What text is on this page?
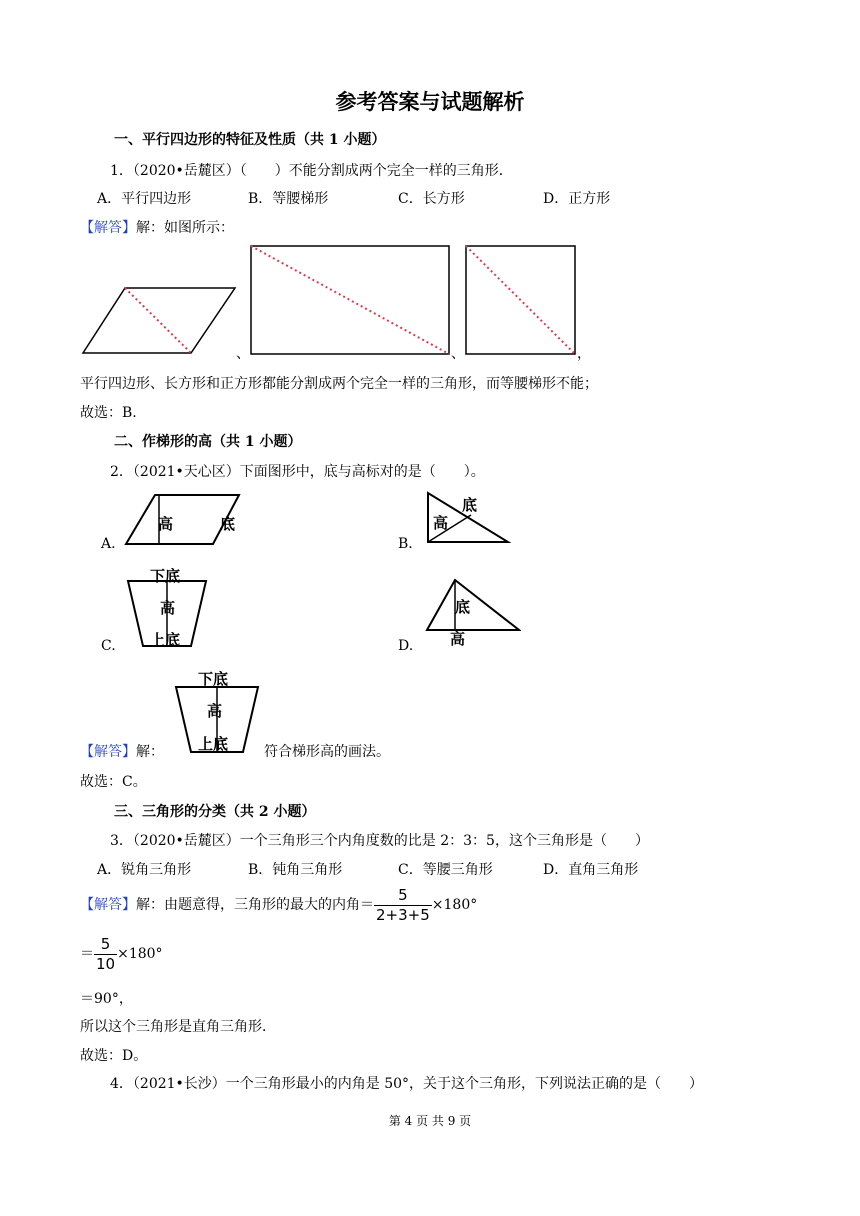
参考答案与试题解析
一、平行四边形的特征及性质（共 1 小题）
1．（2020•岳麓区）（　　）不能分割成两个完全一样的三角形．
A．平行四边形	B．等腰梯形	C．长方形	D．正方形
【解答】解：如图所示：
、	、	，
平行四边形、长方形和正方形都能分割成两个完全一样的三角形，而等腰梯形不能；
故选：B.
二、作梯形的高（共 1 小题）
2．（2021•天心区）下面图形中，底与高标对的是（　　）。
A.
高	底
B.
高
底
C.
下底
高
上底	D.
底
高
【解答】解：
下底
高
上底	符合梯形高的画法。
故选：C。
三、三角形的分类（共 2 小题）
3．（2020•岳麓区）一个三角形三个内角度数的比是 2：3：5，这个三角形是（　　）
A．锐角三角形	B．钝角三角形	C．等腰三角形	D．直角三角形
【解答】解：由题意得，三角形的最大的内角＝ $\frac{5}{2+3+5} \times 180^\circ$
＝ $\frac{5}{10} \times 180^\circ$
＝90°，
所以这个三角形是直角三角形．
故选：D。
4．（2021•长沙）一个三角形最小的内角是 50°，关于这个三角形，下列说法正确的是（　　）
第 4 页 共 9 页
